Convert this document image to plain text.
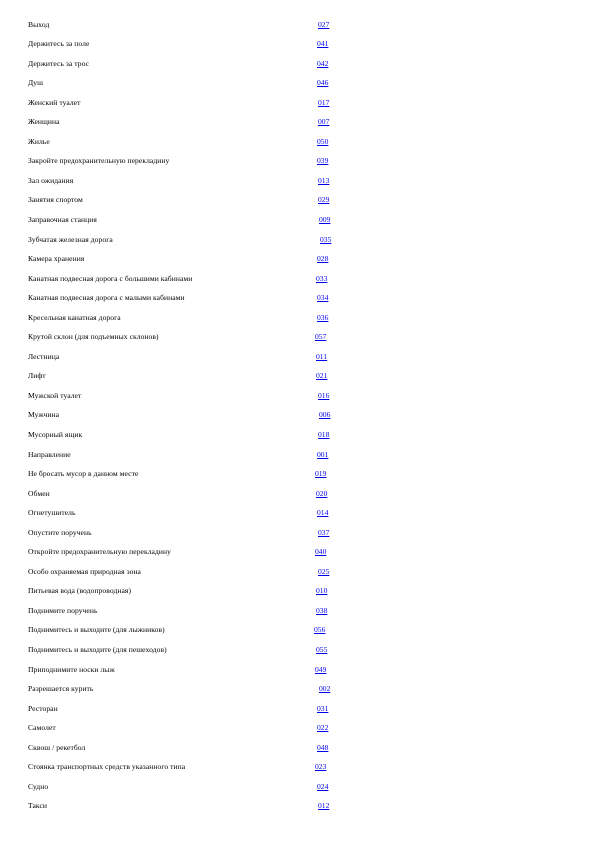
Выход	027
Держитесь за поле	041
Держитесь за трос	042
Душ	046
Женский туалет	017
Женщина	007
Жилье	050
Закройте предохранительную перекладину	039
Зал ожидания	013
Занятия спортом	029
Заправочная станция	009
Зубчатая железная дорога	035
Камера хранения	028
Канатная подвесная дорога с большими кабинами	033
Канатная подвесная дорога с малыми кабинами	034
Кресельная канатная дорога	036
Крутой склон (для подъемных склонов)	057
Лестница	011
Лифт	021
Мужской туалет	016
Мужчина	006
Мусорный ящик	018
Направление	001
Не бросать мусор в данном месте	019
Обмен	020
Огнетушитель	014
Опустите поручень	037
Откройте предохранительную перекладину	040
Особо охраняемая природная зона	025
Питьевая вода (водопроводная)	010
Поднимите поручень	038
Поднимитесь и выходите (для лыжников)	056
Поднимитесь и выходите (для пешеходов)	055
Приподнимите носки лыж	049
Разрешается курить	002
Ресторан	031
Самолет	022
Сквош / рекетбол	048
Стоянка транспортных средств указанного типа	023
Судно	024
Такси	012
